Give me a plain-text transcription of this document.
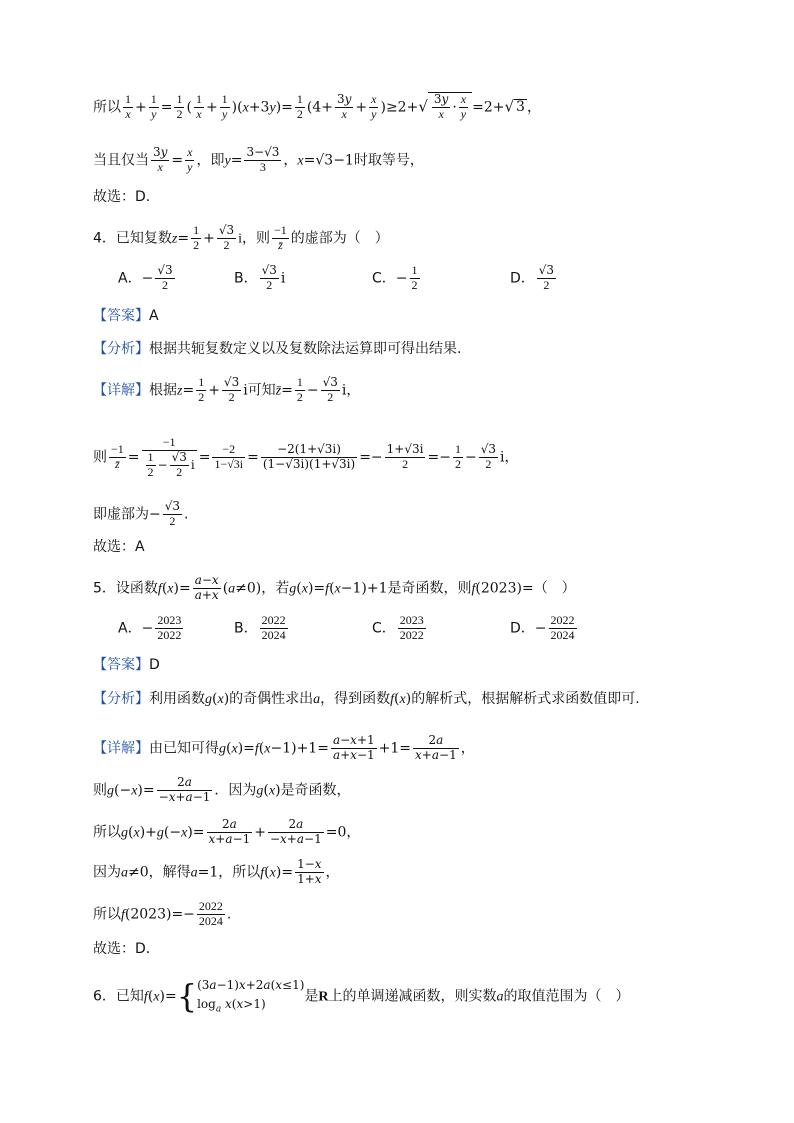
所以 $\frac{1}{x} + \frac{1}{y} = \frac{1}{2}$ ( $\frac{1}{x} + \frac{1}{y} )(x+3y)= \frac{1}{2} (4+ \frac{3y}{x} + \frac{x}{y} )\ge 2+√ \frac{3y}{x} \cdot \frac{x}{y} =2+√$ 3 ，
当且仅当 $\frac{3y}{x} = \frac{x}{y}$ ，即$y= \frac{3-√3}{3}$ ，x=√3−1时取等号，
故选：D.
4．已知复数$z= \frac{1}{2} + \frac{√3}{2}$ i，则 $\frac{-1}{z̄}$ 的虚部为（　）
A．− $\frac{√3}{2}$	B． $\frac{√3}{2}$ i	C．− $\frac{1}{2}$	D． $\frac{√3}{2}$
【答案】A
【分析】根据共轭复数定义以及复数除法运算即可得出结果.
【详解】根据$z= \frac{1}{2} + \frac{√3}{2}$ i可知z̄= $\frac{1}{2} - \frac{√3}{2}$ i，
则 $\frac{-1}{z̄} = \frac{-1}{\frac{1}{2} - \frac{√3}{2} i} = \frac{-2}{1-√3i} = \frac{-2(1+√3i)}{(1-√3i)(1+√3i)} =- \frac{1+√3i}{2} =- \frac{1}{2} - \frac{√3}{2}$ i，
即虚部为− $\frac{√3}{2}$ .
故选：A
5．设函数$f(x)= \frac{a-x}{a+x} (a\ne 0)$，若g(x)=f(x−1)+1是奇函数，则f(2023)=（　）
A．− $\frac{2023}{2022}$	B． $\frac{2022}{2024}$	C． $\frac{2023}{2022}$	D．− $\frac{2022}{2024}$
【答案】D
【分析】利用函数g(x)的奇偶性求出a，得到函数f(x)的解析式，根据解析式求函数值即可.
【详解】由已知可得$g(x)=f(x-1)+1= \frac{a-x+1}{a+x-1} +1= \frac{2a}{x+a-1}$ ，
则$g(-x)= \frac{2a}{-x+a-1}$ ．因为g(x)是奇函数，
所以$g(x)+g(-x)= \frac{2a}{x+a-1} + \frac{2a}{-x+a-1} =0$，
因为a≠0，解得a=1，所以$f(x)= \frac{1-x}{1+x}$ ，
所以$f(2023)=- \frac{2022}{2024}$ .
故选：D．
6．已知f(x)={ (3a−1)x+2a(x≤1)
$\log_a x(x>1)$	是R上的单调递减函数，则实数a的取值范围为（　）
